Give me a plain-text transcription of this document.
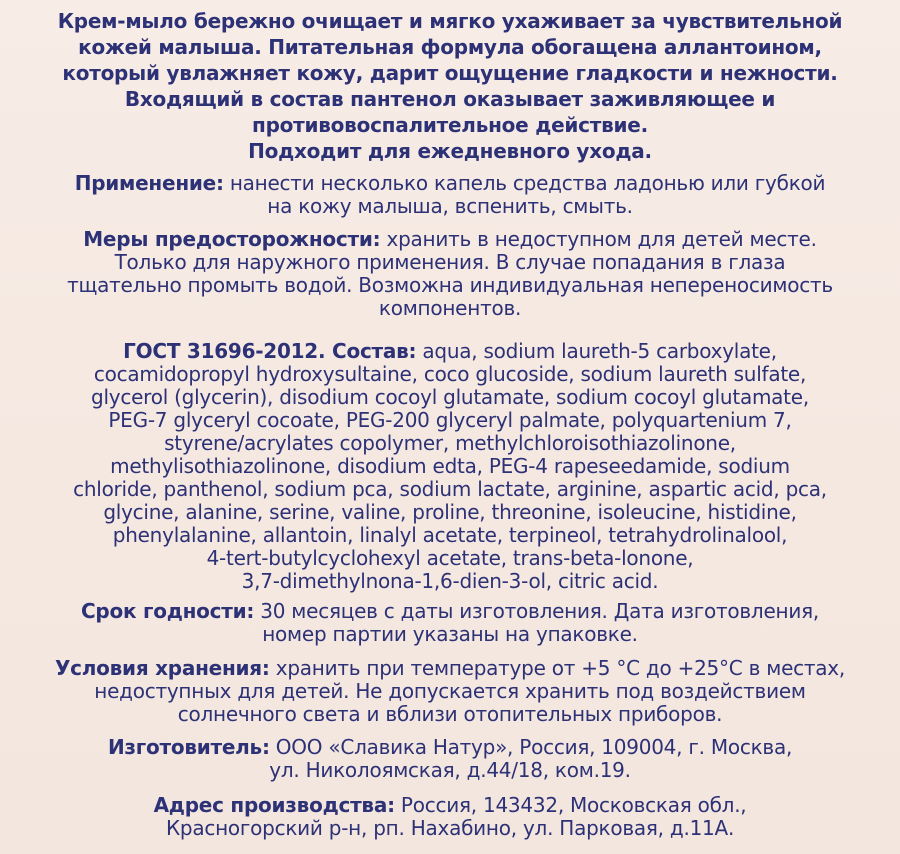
Крем-мыло бережно очищает и мягко ухаживает за чувствительной
кожей малыша. Питательная формула обогащена аллантоином,
который увлажняет кожу, дарит ощущение гладкости и нежности.
Входящий в состав пантенол оказывает заживляющее и
противовоспалительное действие.
Подходит для ежедневного ухода.
Применение: нанести несколько капель средства ладонью или губкой
на кожу малыша, вспенить, смыть.
Меры предосторожности: хранить в недоступном для детей месте.
Только для наружного применения. В случае попадания в глаза
тщательно промыть водой. Возможна индивидуальная непереносимость
компонентов.
ГОСТ 31696-2012. Состав: aqua, sodium laureth-5 carboxylate,
cocamidopropyl hydroxysultaine, coco glucoside, sodium laureth sulfate,
glycerol (glycerin), disodium cocoyl glutamate, sodium cocoyl glutamate,
PEG-7 glyceryl cocoate, PEG-200 glyceryl palmate, polyquartenium 7,
styrene/acrylates copolymer, methylchloroisothiazolinone,
methylisothiazolinone, disodium edta, PEG-4 rapeseedamide, sodium
chloride, panthenol, sodium pca, sodium lactate, arginine, aspartic acid, pca,
glycine, alanine, serine, valine, proline, threonine, isoleucine, histidine,
phenylalanine, allantoin, linalyl acetate, terpineol, tetrahydrolinalool,
4-tert-butylcyclohexyl acetate, trans-beta-lonone,
3,7-dimethylnona-1,6-dien-3-ol, citric acid.
Срок годности: 30 месяцев с даты изготовления. Дата изготовления,
номер партии указаны на упаковке.
Условия хранения: хранить при температуре от +5 °С до +25°С в местах,
недоступных для детей. Не допускается хранить под воздействием
солнечного света и вблизи отопительных приборов.
Изготовитель: ООО «Славика Натур», Россия, 109004, г. Москва,
ул. Николоямская, д.44/18, ком.19.
Адрес производства: Россия, 143432, Московская обл.,
Красногорский р-н, рп. Нахабино, ул. Парковая, д.11А.
